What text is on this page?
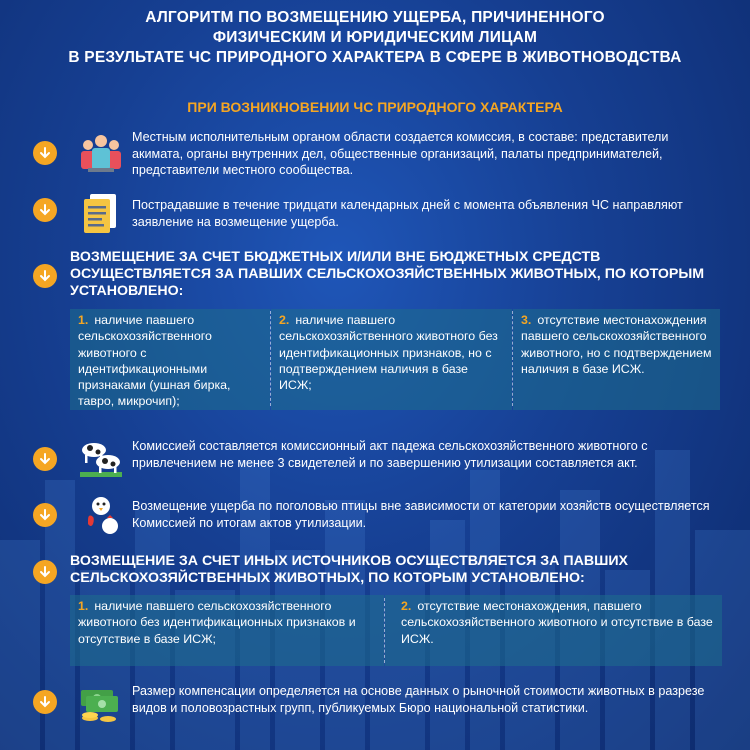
АЛГОРИТМ ПО ВОЗМЕЩЕНИЮ УЩЕРБА, ПРИЧИНЕННОГО
ФИЗИЧЕСКИМ И ЮРИДИЧЕСКИМ ЛИЦАМ
В РЕЗУЛЬТАТЕ ЧС ПРИРОДНОГО ХАРАКТЕРА В СФЕРЕ В ЖИВОТНОВОДСТВА
ПРИ ВОЗНИКНОВЕНИИ ЧС ПРИРОДНОГО ХАРАКТЕРА
Местным исполнительным органом области создается комиссия, в составе: представители акимата, органы внутренних дел, общественные организаций, палаты предпринимателей, представители местного сообщества.
Пострадавшие в течение тридцати календарных дней с момента объявления ЧС направляют заявление на возмещение ущерба.
ВОЗМЕЩЕНИЕ ЗА СЧЕТ БЮДЖЕТНЫХ И/ИЛИ ВНЕ БЮДЖЕТНЫХ СРЕДСТВ ОСУЩЕСТВЛЯЕТСЯ ЗА ПАВШИХ СЕЛЬСКОХОЗЯЙСТВЕННЫХ ЖИВОТНЫХ, ПО КОТОРЫМ УСТАНОВЛЕНО:
1. наличие павшего сельскохозяйственного животного с идентификационными признаками (ушная бирка, тавро, микрочип);
2. наличие павшего сельскохозяйственного животного без идентификационных признаков, но с подтверждением наличия в базе ИСЖ;
3. отсутствие местонахождения павшего сельскохозяйственного животного, но с подтверждением наличия в базе ИСЖ.
Комиссией составляется комиссионный акт падежа сельскохозяйственного животного с привлечением не менее 3 свидетелей и по завершению утилизации составляется акт.
Возмещение ущерба по поголовью птицы вне зависимости от категории хозяйств осуществляется Комиссией по итогам актов утилизации.
ВОЗМЕЩЕНИЕ ЗА СЧЕТ ИНЫХ ИСТОЧНИКОВ ОСУЩЕСТВЛЯЕТСЯ ЗА ПАВШИХ СЕЛЬСКОХОЗЯЙСТВЕННЫХ ЖИВОТНЫХ, ПО КОТОРЫМ УСТАНОВЛЕНО:
1. наличие павшего сельскохозяйственного животного без идентификационных признаков и отсутствие в базе ИСЖ;
2. отсутствие местонахождения, павшего сельскохозяйственного животного и отсутствие в базе ИСЖ.
Размер компенсации определяется на основе данных о рыночной стоимости животных в разрезе видов и половозрастных групп, публикуемых Бюро национальной статистики.
